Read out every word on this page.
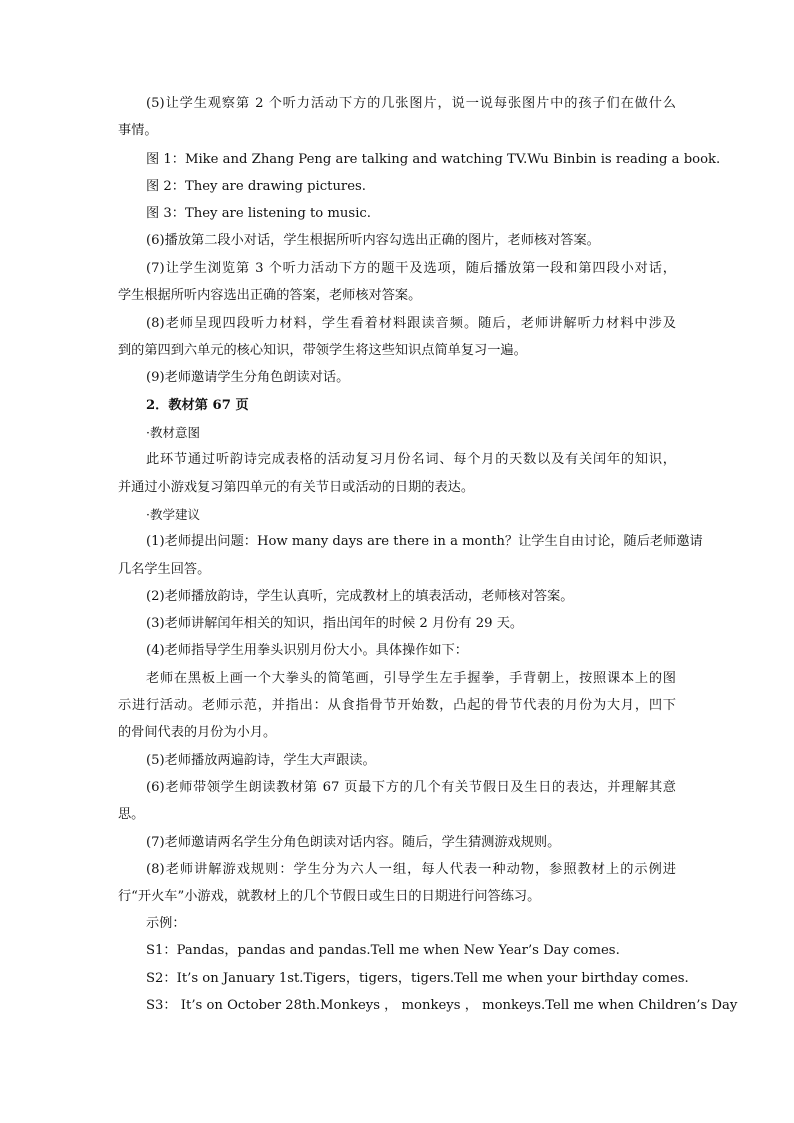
(5)让学生观察第 2 个听力活动下方的几张图片，说一说每张图片中的孩子们在做什么
事情。
图 1：Mike and Zhang Peng are talking and watching TV.Wu Binbin is reading a book.
图 2：They are drawing pictures.
图 3：They are listening to music.
(6)播放第二段小对话，学生根据所听内容勾选出正确的图片，老师核对答案。
(7)让学生浏览第 3 个听力活动下方的题干及选项，随后播放第一段和第四段小对话，
学生根据所听内容选出正确的答案，老师核对答案。
(8)老师呈现四段听力材料，学生看着材料跟读音频。随后，老师讲解听力材料中涉及
到的第四到六单元的核心知识，带领学生将这些知识点简单复习一遍。
(9)老师邀请学生分角色朗读对话。
2．教材第 67 页
·教材意图
此环节通过听韵诗完成表格的活动复习月份名词、每个月的天数以及有关闰年的知识，
并通过小游戏复习第四单元的有关节日或活动的日期的表达。
·教学建议
(1)老师提出问题：How many days are there in a month？让学生自由讨论，随后老师邀请
几名学生回答。
(2)老师播放韵诗，学生认真听，完成教材上的填表活动，老师核对答案。
(3)老师讲解闰年相关的知识，指出闰年的时候 2 月份有 29 天。
(4)老师指导学生用拳头识别月份大小。具体操作如下：
老师在黑板上画一个大拳头的简笔画，引导学生左手握拳，手背朝上，按照课本上的图
示进行活动。老师示范，并指出：从食指骨节开始数，凸起的骨节代表的月份为大月，凹下
的骨间代表的月份为小月。
(5)老师播放两遍韵诗，学生大声跟读。
(6)老师带领学生朗读教材第 67 页最下方的几个有关节假日及生日的表达，并理解其意
思。
(7)老师邀请两名学生分角色朗读对话内容。随后，学生猜测游戏规则。
(8)老师讲解游戏规则：学生分为六人一组，每人代表一种动物，参照教材上的示例进
行“开火车”小游戏，就教材上的几个节假日或生日的日期进行问答练习。
示例：
S1：Pandas，pandas and pandas.Tell me when New Year’s Day comes.
S2：It’s on January 1st.Tigers，tigers，tigers.Tell me when your birthday comes.
S3： It’s on October 28th.Monkeys ， monkeys ， monkeys.Tell me when Children’s Day
